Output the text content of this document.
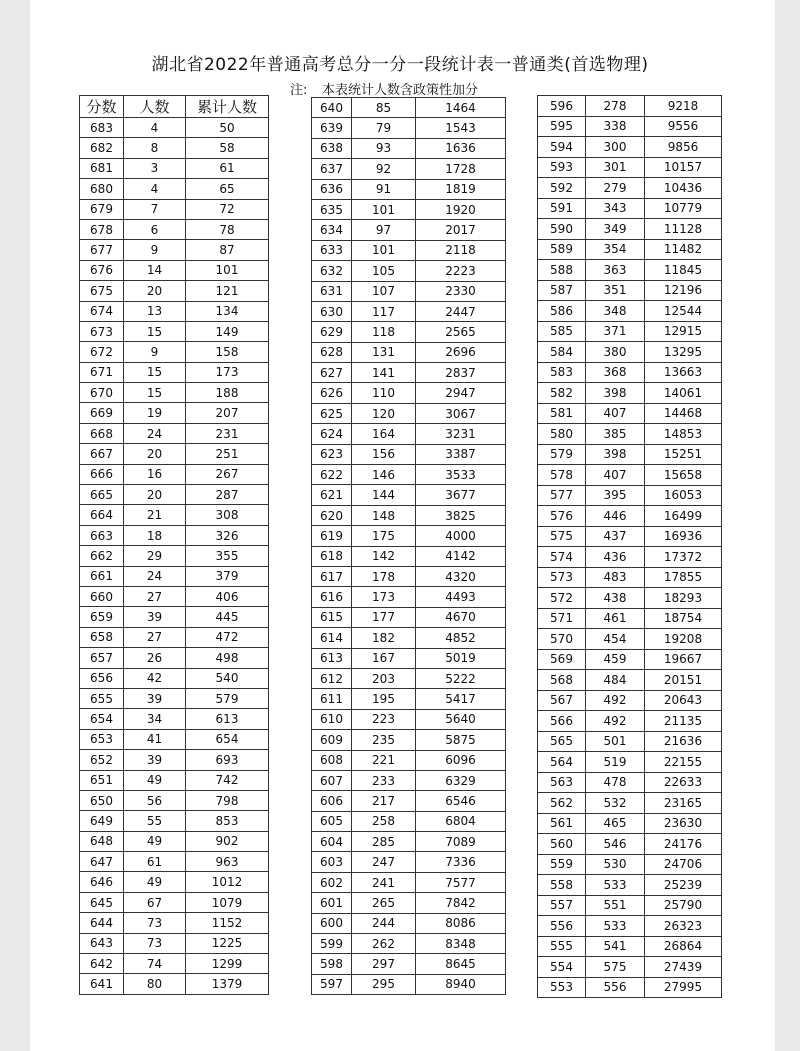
湖北省2022年普通高考总分一分一段统计表一普通类(首选物理)
注: 本表统计人数含政策性加分
分数	人数	累计人数
683	4	50
682	8	58
681	3	61
680	4	65
679	7	72
678	6	78
677	9	87
676	14	101
675	20	121
674	13	134
673	15	149
672	9	158
671	15	173
670	15	188
669	19	207
668	24	231
667	20	251
666	16	267
665	20	287
664	21	308
663	18	326
662	29	355
661	24	379
660	27	406
659	39	445
658	27	472
657	26	498
656	42	540
655	39	579
654	34	613
653	41	654
652	39	693
651	49	742
650	56	798
649	55	853
648	49	902
647	61	963
646	49	1012
645	67	1079
644	73	1152
643	73	1225
642	74	1299
641	80	1379
640	85	1464
639	79	1543
638	93	1636
637	92	1728
636	91	1819
635	101	1920
634	97	2017
633	101	2118
632	105	2223
631	107	2330
630	117	2447
629	118	2565
628	131	2696
627	141	2837
626	110	2947
625	120	3067
624	164	3231
623	156	3387
622	146	3533
621	144	3677
620	148	3825
619	175	4000
618	142	4142
617	178	4320
616	173	4493
615	177	4670
614	182	4852
613	167	5019
612	203	5222
611	195	5417
610	223	5640
609	235	5875
608	221	6096
607	233	6329
606	217	6546
605	258	6804
604	285	7089
603	247	7336
602	241	7577
601	265	7842
600	244	8086
599	262	8348
598	297	8645
597	295	8940
596	278	9218
595	338	9556
594	300	9856
593	301	10157
592	279	10436
591	343	10779
590	349	11128
589	354	11482
588	363	11845
587	351	12196
586	348	12544
585	371	12915
584	380	13295
583	368	13663
582	398	14061
581	407	14468
580	385	14853
579	398	15251
578	407	15658
577	395	16053
576	446	16499
575	437	16936
574	436	17372
573	483	17855
572	438	18293
571	461	18754
570	454	19208
569	459	19667
568	484	20151
567	492	20643
566	492	21135
565	501	21636
564	519	22155
563	478	22633
562	532	23165
561	465	23630
560	546	24176
559	530	24706
558	533	25239
557	551	25790
556	533	26323
555	541	26864
554	575	27439
553	556	27995
